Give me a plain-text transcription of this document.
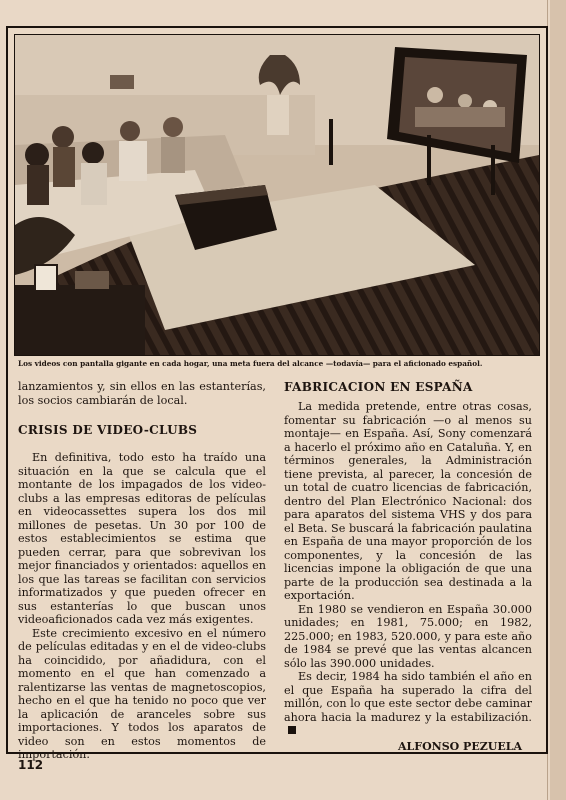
Los videos con pantalla gigante en cada hogar, una meta fuera del alcance —todavía— para el aficionado español.

lanzamientos y, sin ellos en las estanterías, los socios cambiarán de local.

CRISIS DE VIDEO-CLUBS

En definitiva, todo esto ha traído una situación en la que se calcula que el montante de los impagados de los video-clubs a las empresas editoras de películas en videocassettes supera los dos mil millones de pesetas. Un 30 por 100 de estos establecimientos se estima que pueden cerrar, para que sobrevivan los mejor financiados y orientados: aquellos en los que las tareas se facilitan con servicios informatizados y que pueden ofrecer en sus estanterías lo que buscan unos videoaficionados cada vez más exigentes.

Este crecimiento excesivo en el número de películas editadas y en el de video-clubs ha coincidido, por añadidura, con el momento en el que han comenzado a ralentizarse las ventas de magnetoscopios, hecho en el que ha tenido no poco que ver la aplicación de aranceles sobre sus importaciones. Y todos los aparatos de video son en estos momentos de importación.

FABRICACION EN ESPAÑA

La medida pretende, entre otras cosas, fomentar su fabricación —o al menos su montaje— en España. Así, Sony comenzará a hacerlo el próximo año en Cataluña. Y, en términos generales, la Administración tiene prevista, al parecer, la concesión de un total de cuatro licencias de fabricación, dentro del Plan Electrónico Nacional: dos para aparatos del sistema VHS y dos para el Beta. Se buscará la fabricación paulatina en España de una mayor proporción de los componentes, y la concesión de las licencias impone la obligación de que una parte de la producción sea destinada a la exportación.

En 1980 se vendieron en España 30.000 unidades; en 1981, 75.000; en 1982, 225.000; en 1983, 520.000, y para este año de 1984 se prevé que las ventas alcancen sólo las 390.000 unidades.

Es decir, 1984 ha sido también el año en el que España ha superado la cifra del millón, con lo que este sector debe caminar ahora hacia la madurez y la estabilización.

ALFONSO PEZUELA

112
